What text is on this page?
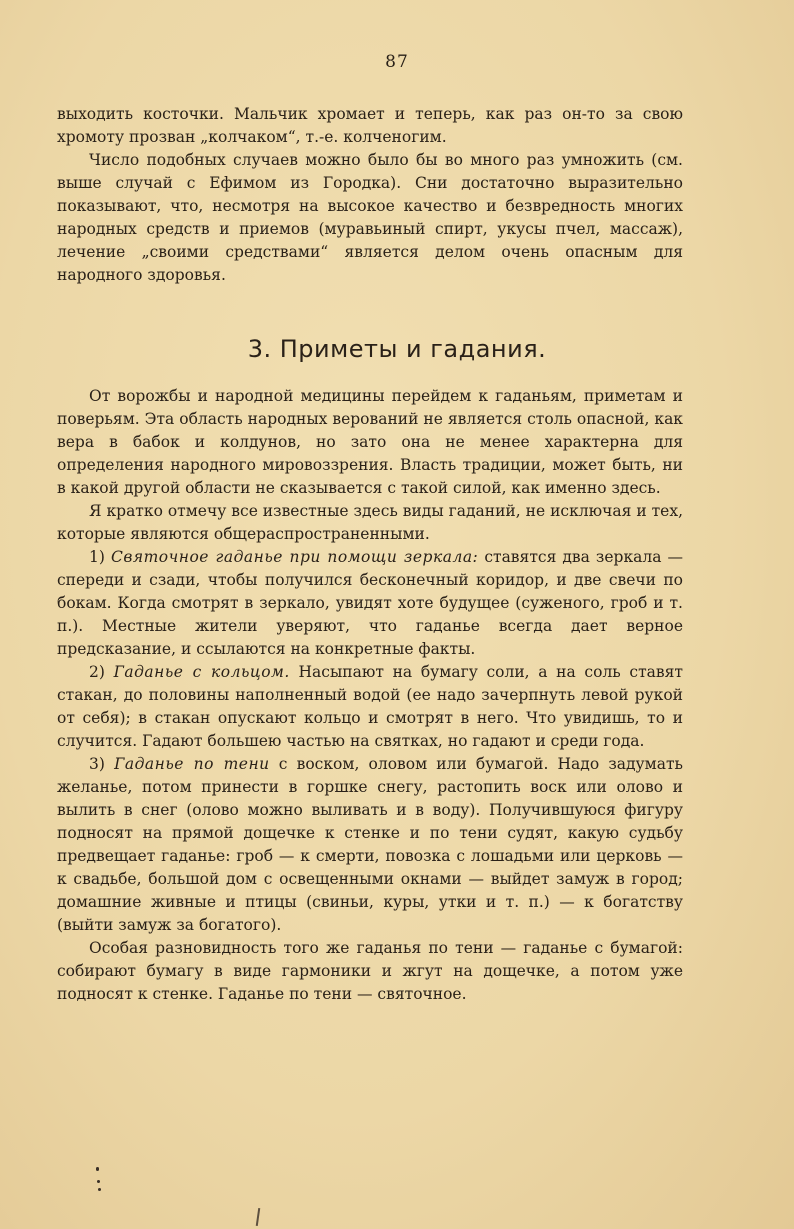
87

выходить косточки. Мальчик хромает и теперь, как раз он-то за свою хромоту прозван „колчаком“, т.-е. колченогим.

Число подобных случаев можно было бы во много раз умножить (см. выше случай с Ефимом из Городка). Сни достаточно выразительно показывают, что, несмотря на высокое качество и безвредность многих народных средств и приемов (муравьиный спирт, укусы пчел, массаж), лечение „своими средствами“ является делом очень опасным для народного здоровья.

3. Приметы и гадания.

От ворожбы и народной медицины перейдем к гаданьям, приметам и поверьям. Эта область народных верований не является столь опасной, как вера в бабок и колдунов, но зато она не менее характерна для определения народного мировоззрения. Власть традиции, может быть, ни в какой другой области не сказывается с такой силой, как именно здесь.

Я кратко отмечу все известные здесь виды гаданий, не исключая и тех, которые являются общераспространенными.

1) Святочное гаданье при помощи зеркала: ставятся два зеркала — спереди и сзади, чтобы получился бесконечный коридор, и две свечи по бокам. Когда смотрят в зеркало, увидят хоте будущее (суженого, гроб и т. п.). Местные жители уверяют, что гаданье всегда дает верное предсказание, и ссылаются на конкретные факты.

2) Гаданье с кольцом. Насыпают на бумагу соли, а на соль ставят стакан, до половины наполненный водой (ее надо зачерпнуть левой рукой от себя); в стакан опускают кольцо и смотрят в него. Что увидишь, то и случится. Гадают большею частью на святках, но гадают и среди года.

3) Гаданье по тени с воском, оловом или бумагой. Надо задумать желанье, потом принести в горшке снегу, растопить воск или олово и вылить в снег (олово можно выливать и в воду). Получившуюся фигуру подносят на прямой дощечке к стенке и по тени судят, какую судьбу предвещает гаданье: гроб — к смерти, повозка с лошадьми или церковь — к свадьбе, большой дом с освещенными окнами — выйдет замуж в город; домашние живные и птицы (свиньи, куры, утки и т. п.) — к богатству (выйти замуж за богатого).

Особая разновидность того же гаданья по тени — гаданье с бумагой: собирают бумагу в виде гармоники и жгут на дощечке, а потом уже подносят к стенке. Гаданье по тени — святочное.
